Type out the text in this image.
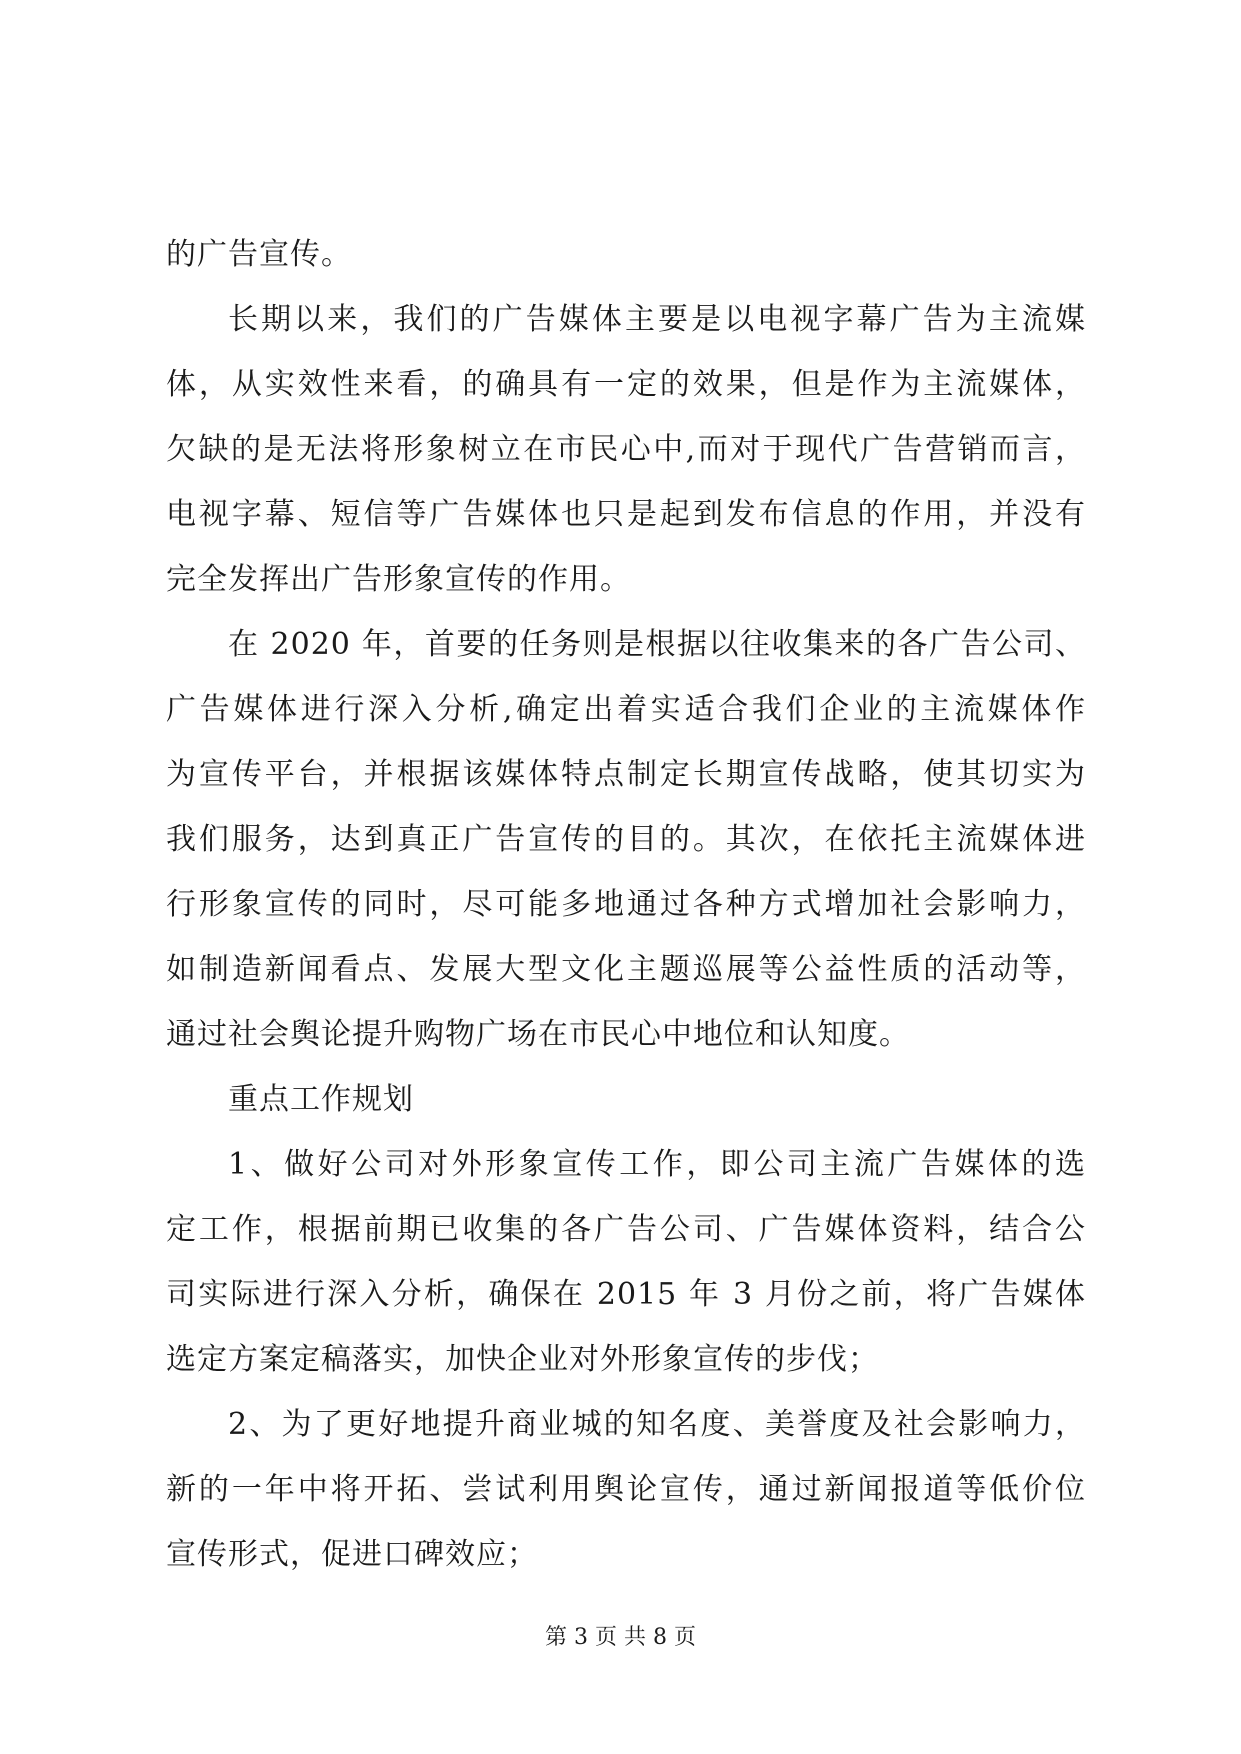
的广告宣传。

长期以来，我们的广告媒体主要是以电视字幕广告为主流媒

体，从实效性来看，的确具有一定的效果，但是作为主流媒体，

欠缺的是无法将形象树立在市民心中,而对于现代广告营销而言，

电视字幕、短信等广告媒体也只是起到发布信息的作用，并没有

完全发挥出广告形象宣传的作用。

在 2020 年，首要的任务则是根据以往收集来的各广告公司、

广告媒体进行深入分析,确定出着实适合我们企业的主流媒体作

为宣传平台，并根据该媒体特点制定长期宣传战略，使其切实为

我们服务，达到真正广告宣传的目的。其次，在依托主流媒体进

行形象宣传的同时，尽可能多地通过各种方式增加社会影响力，

如制造新闻看点、发展大型文化主题巡展等公益性质的活动等，

通过社会舆论提升购物广场在市民心中地位和认知度。

重点工作规划

1、做好公司对外形象宣传工作，即公司主流广告媒体的选

定工作，根据前期已收集的各广告公司、广告媒体资料，结合公

司实际进行深入分析，确保在 2015 年 3 月份之前，将广告媒体

选定方案定稿落实，加快企业对外形象宣传的步伐；

2、为了更好地提升商业城的知名度、美誉度及社会影响力，

新的一年中将开拓、尝试利用舆论宣传，通过新闻报道等低价位

宣传形式，促进口碑效应；

第 3 页 共 8 页
